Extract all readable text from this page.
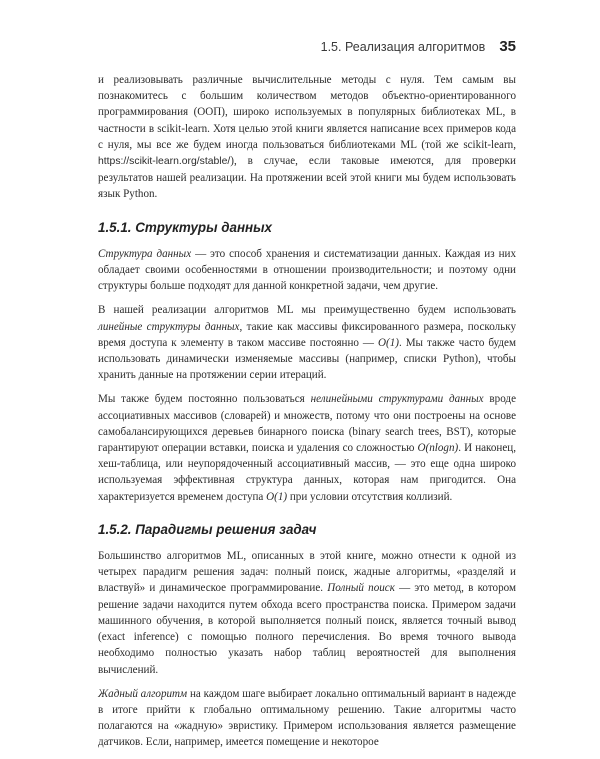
1.5. Реализация алгоритмов 35

и реализовывать различные вычислительные методы с нуля. Тем самым вы познакомитесь с большим количеством методов объектно-ориентированного программирования (ООП), широко используемых в популярных библиотеках ML, в частности в scikit-learn. Хотя целью этой книги является написание всех примеров кода с нуля, мы все же будем иногда пользоваться библиотеками ML (той же scikit-learn, https://scikit-learn.org/stable/), в случае, если таковые имеются, для проверки результатов нашей реализации. На протяжении всей этой книги мы будем использовать язык Python.

1.5.1. Структуры данных

Структура данных — это способ хранения и систематизации данных. Каждая из них обладает своими особенностями в отношении производительности; и поэтому одни структуры больше подходят для данной конкретной задачи, чем другие.

В нашей реализации алгоритмов ML мы преимущественно будем использовать линейные структуры данных, такие как массивы фиксированного размера, поскольку время доступа к элементу в таком массиве постоянно — O(1). Мы также часто будем использовать динамически изменяемые массивы (например, списки Python), чтобы хранить данные на протяжении серии итераций.

Мы также будем постоянно пользоваться нелинейными структурами данных вроде ассоциативных массивов (словарей) и множеств, потому что они построены на основе самобалансирующихся деревьев бинарного поиска (binary search trees, BST), которые гарантируют операции вставки, поиска и удаления со сложностью O(nlogn). И наконец, хеш-таблица, или неупорядоченный ассоциативный массив, — это еще одна широко используемая эффективная структура данных, которая нам пригодится. Она характеризуется временем доступа O(1) при условии отсутствия коллизий.

1.5.2. Парадигмы решения задач

Большинство алгоритмов ML, описанных в этой книге, можно отнести к одной из четырех парадигм решения задач: полный поиск, жадные алгоритмы, «разделяй и властвуй» и динамическое программирование. Полный поиск — это метод, в котором решение задачи находится путем обхода всего пространства поиска. Примером задачи машинного обучения, в которой выполняется полный поиск, является точный вывод (exact inference) с помощью полного перечисления. Во время точного вывода необходимо полностью указать набор таблиц вероятностей для выполнения вычислений.

Жадный алгоритм на каждом шаге выбирает локально оптимальный вариант в надежде в итоге прийти к глобально оптимальному решению. Такие алгоритмы часто полагаются на «жадную» эвристику. Примером использования является размещение датчиков. Если, например, имеется помещение и некоторое
